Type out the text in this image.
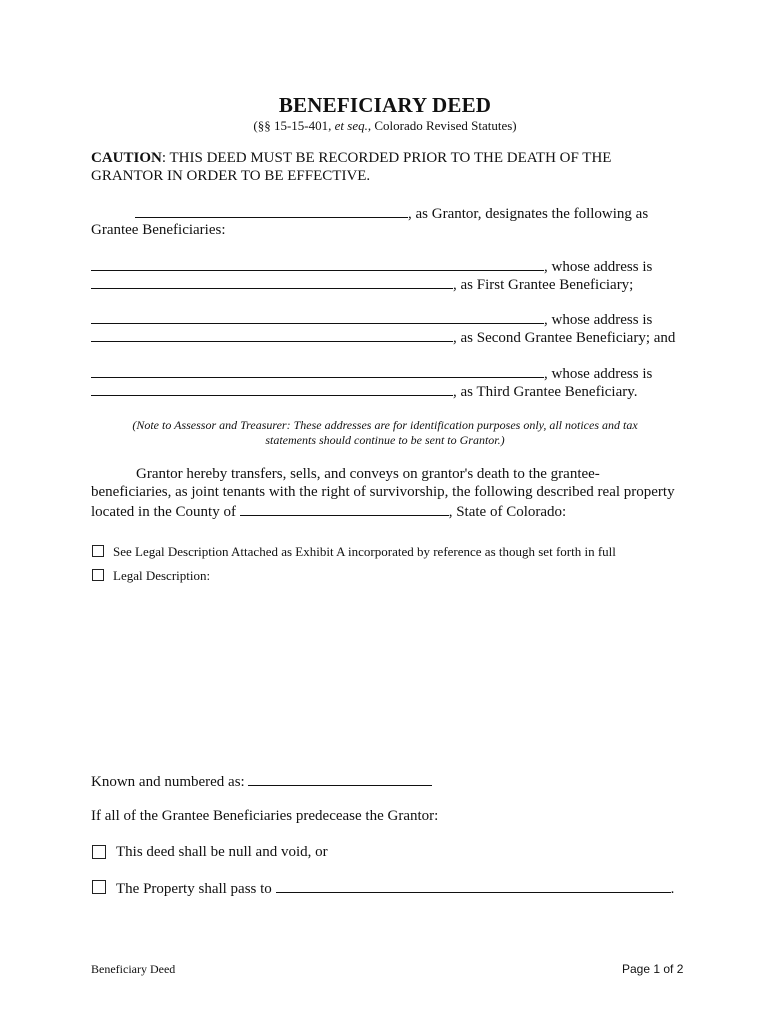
BENEFICIARY DEED
(§§ 15-15-401, et seq., Colorado Revised Statutes)
CAUTION: THIS DEED MUST BE RECORDED PRIOR TO THE DEATH OF THE
GRANTOR IN ORDER TO BE EFFECTIVE.
, as Grantor, designates the following as
Grantee Beneficiaries:
, whose address is
, as First Grantee Beneficiary;
, whose address is
, as Second Grantee Beneficiary; and
, whose address is
, as Third Grantee Beneficiary.
(Note to Assessor and Treasurer: These addresses are for identification purposes only, all notices and tax
statements should continue to be sent to Grantor.)
Grantor hereby transfers, sells, and conveys on grantor's death to the grantee-
beneficiaries, as joint tenants with the right of survivorship, the following described real property
located in the County of	, State of Colorado:
See Legal Description Attached as Exhibit A incorporated by reference as though set forth in full
Legal Description:
Known and numbered as:
If all of the Grantee Beneficiaries predecease the Grantor:
This deed shall be null and void, or
The Property shall pass to	.
Beneficiary Deed	Page 1 of 2
